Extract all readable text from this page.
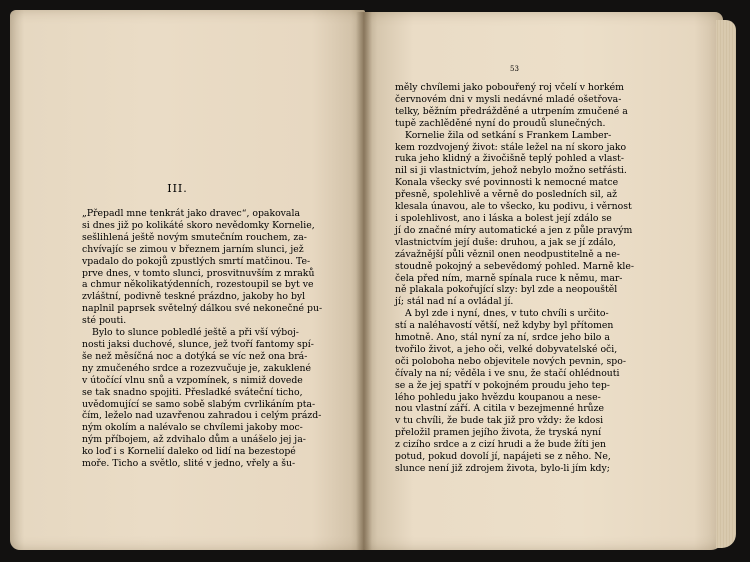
III.
53
„Přepadl mne tenkrát jako dravec“, opakovala
si dnes již po kolikáté skoro nevědomky Kornelie,
sešlihlená ještě novým smutečním rouchem, za-
chvívajíc se zimou v březnem jarním slunci, jež
vpadalo do pokojů zpustlých smrtí matčinou. Te-
prve dnes, v tomto slunci, prosvitnuvším z mraků
a chmur několikatýdenních, rozestoupil se byt ve
zvláštní, podivně teskné prázdno, jakoby ho byl
naplnil paprsek světelný dálkou své nekonečné pu-
sté pouti.
Bylo to slunce pobledlé ještě a při vší výboj-
nosti jaksi duchové, slunce, jež tvoří fantomy spí-
še než měsíčná noc a dotýká se víc než ona brá-
ny zmučeného srdce a rozezvučuje je, zakuklené
v útočící vlnu snů a vzpomínek, s nimiž dovede
se tak snadno spojiti. Přesladké sváteční ticho,
uvědomující se samo sobě slabým cvrlikáním pta-
čím, leželo nad uzavřenou zahradou i celým prázd-
ným okolím a nalévalo se chvílemi jakoby moc-
ným příbojem, až zdvihalo dům a unášelo jej ja-
ko loď i s Kornelií daleko od lidí na bezestopé
moře. Ticho a světlo, slité v jedno, vřely a šu-
měly chvílemi jako pobouřený roj včelí v horkém
červnovém dni v mysli nedávné mladé ošetřova-
telky, běžním předrážděné a utrpením zmučené a
tupě zachlěděné nyní do proudů slunečných.
Kornelie žila od setkání s Frankem Lamber-
kem rozdvojený život: stále ležel na ní skoro jako
ruka jeho klidný a živočišně teplý pohled a vlast-
nil si ji vlastnictvím, jehož nebylo možno setřásti.
Konala všecky své povinnosti k nemocné matce
přesně, spolehlivě a věrně do posledních sil, až
klesala únavou, ale to všecko, ku podivu, i věrnost
i spolehlivost, ano i láska a bolest její zdálo se
jí do značné míry automatické a jen z půle pravým
vlastnictvím její duše: druhou, a jak se jí zdálo,
závažnější půli věznil onen neodpustitelně a ne-
stoudně pokojný a sebevědomý pohled. Marně kle-
čela před ním, marně spínala ruce k němu, mar-
ně plakala pokořující slzy: byl zde a neopouštěl
jí; stál nad ní a ovládal jí.
A byl zde i nyní, dnes, v tuto chvíli s určito-
stí a naléhavostí větší, než kdyby byl přítomen
hmotně. Ano, stál nyní za ní, srdce jeho bilo a
tvořilo život, a jeho oči, velké dobyvatelské oči,
oči poloboha nebo objevitele nových pevnin, spo-
čívaly na ní; věděla i ve snu, že stačí ohlédnouti
se a že jej spatří v pokojném proudu jeho tep-
lého pohledu jako hvězdu koupanou a nese-
nou vlastní září. A citila v bezejmenné hrůze
v tu chvíli, že bude tak již pro vždy: že kdosi
přeložil pramen jejího života, že tryská nyní
z cizího srdce a z cizí hrudi a že bude žíti jen
potud, pokud dovolí jí, napájeti se z něho. Ne,
slunce není již zdrojem života, bylo-li jím kdy;
